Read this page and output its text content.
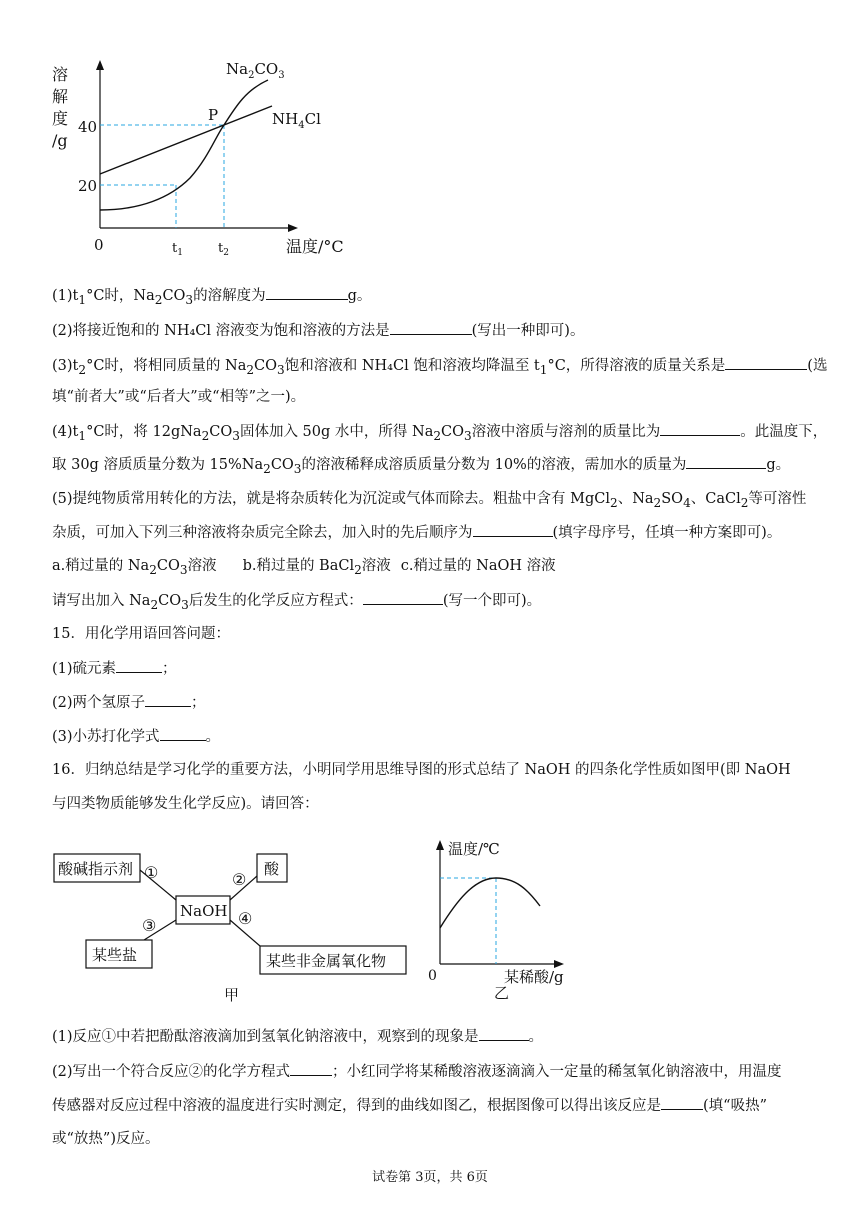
溶
解
度
/g
40
20
0	$t_1$	$t_2$	温度/°C
P
$Na_2CO_3$
$NH_4Cl$
$(1)t_1^\circ C$时，$Na_2CO_3$的溶解度为	g。
(2)将接近饱和的 NH₄Cl 溶液变为饱和溶液的方法是	(写出一种即可)。
$(3)t_2^\circ C$时，将相同质量的 $Na_2CO_3$饱和溶液和 NH₄Cl 饱和溶液均降温至 $t_1^\circ C$，所得溶液的质量关系是	(选
填“前者大”或“后者大”或“相等”之一)。
$(4)t_1^\circ C$时，将 $12gNa_2CO_3$固体加入 50g 水中，所得 $Na_2CO_3$溶液中溶质与溶剂的质量比为	。此温度下，
取 30g 溶质质量分数为 $15\%Na_2CO_3$的溶液稀释成溶质质量分数为 10%的溶液，需加水的质量为	g。
(5)提纯物质常用转化的方法，就是将杂质转化为沉淀或气体而除去。粗盐中含有 MgCl$_2$、$Na_2SO_4$、CaCl$_2$等可溶性
杂质，可加入下列三种溶液将杂质完全除去，加入时的先后顺序为	(填字母序号，任填一种方案即可)。
a.稍过量的 $Na_2CO_3$溶液 b.稍过量的 BaCl$_2$溶液 c.稍过量的 NaOH 溶液
请写出加入 $Na_2CO_3$后发生的化学反应方程式：	(写一个即可)。
15．用化学用语回答问题：
(1)硫元素	；
(2)两个氢原子	；
(3)小苏打化学式	。
16．归纳总结是学习化学的重要方法，小明同学用思维导图的形式总结了 NaOH 的四条化学性质如图甲(即 NaOH
与四类物质能够发生化学反应)。请回答：
酸碱指示剂 ①	酸
②
NaOH
③	④
某些盐	某些非金属氧化物
甲
温度/℃
0	某稀酸/g
乙
(1)反应①中若把酚酞溶液滴加到氢氧化钠溶液中，观察到的现象是	。
(2)写出一个符合反应②的化学方程式	；小红同学将某稀酸溶液逐滴滴入一定量的稀氢氧化钠溶液中，用温度
传感器对反应过程中溶液的温度进行实时测定，得到的曲线如图乙，根据图像可以得出该反应是	(填“吸热”
或“放热”)反应。
试卷第 3页，共 6页
